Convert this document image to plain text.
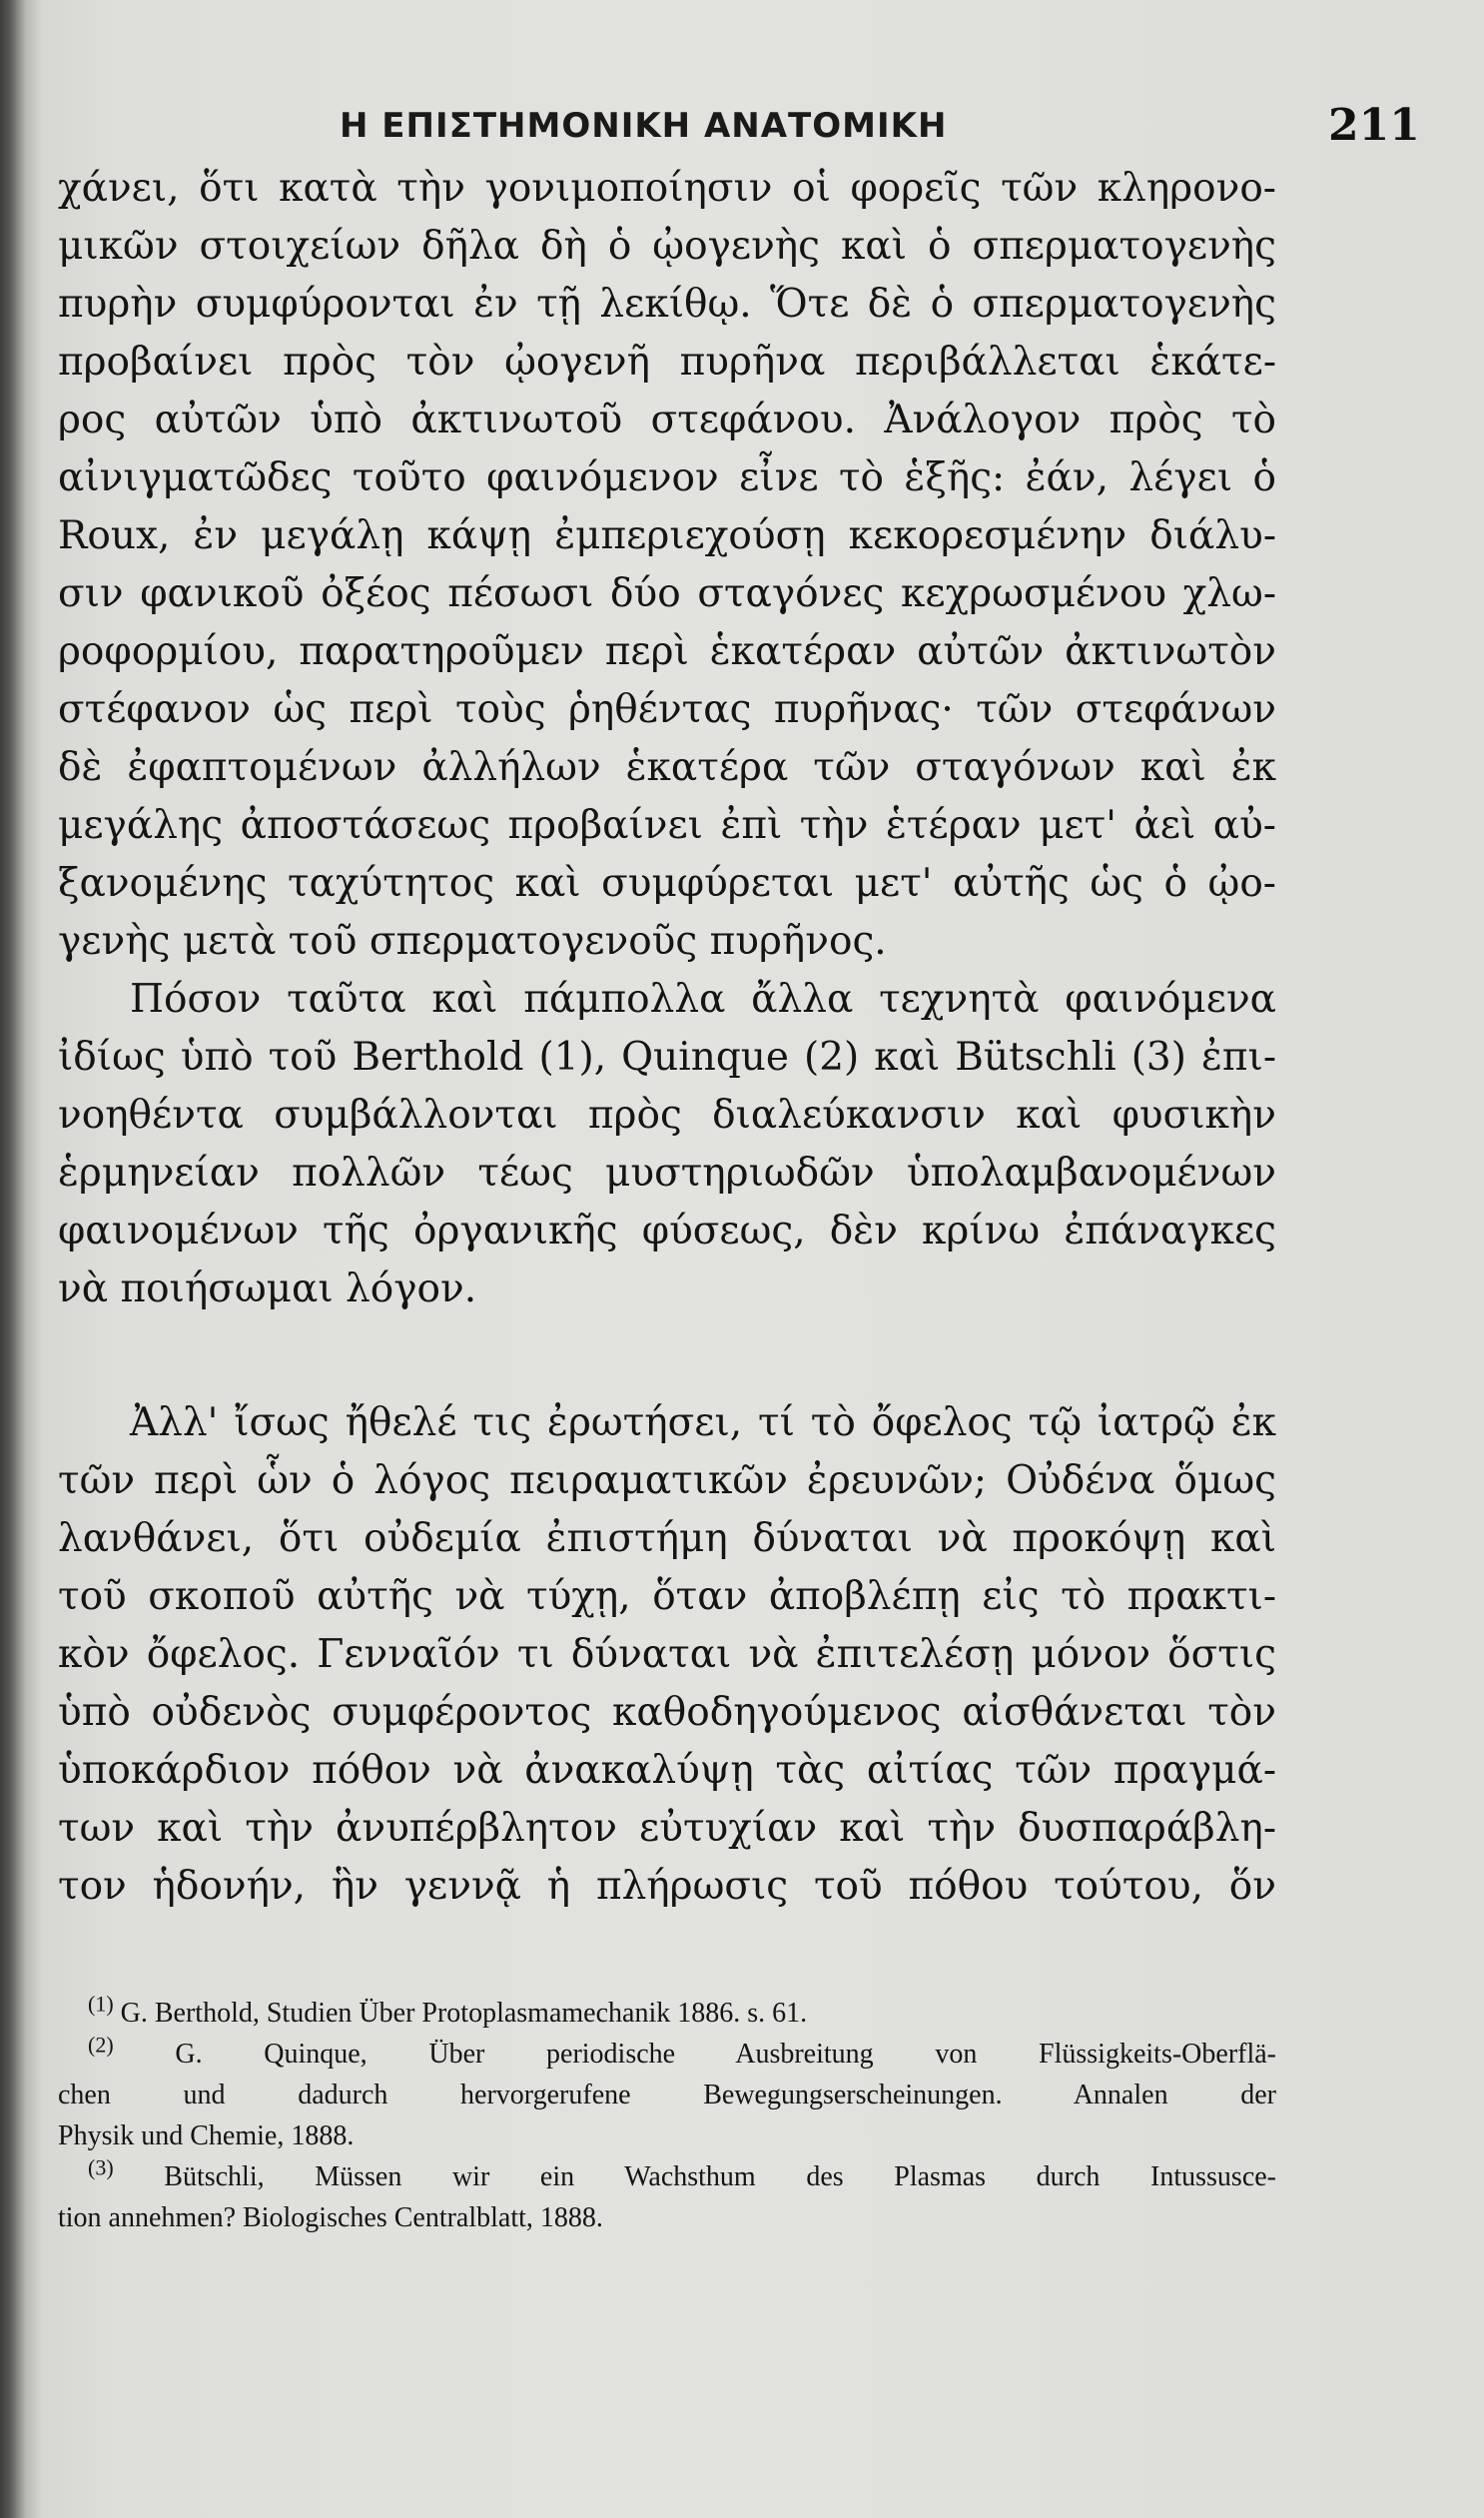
Η ΕΠΙΣΤΗΜΟΝΙΚΗ ΑΝΑΤΟΜΙΚΗ	211
χάνει, ὅτι κατὰ τὴν γονιμοποίησιν οἱ φορεῖς τῶν κληρονο-
μικῶν στοιχείων δῆλα δὴ ὁ ᾠογενὴς καὶ ὁ σπερματογενὴς
πυρὴν συμφύρονται ἐν τῇ λεκίθῳ. Ὅτε δὲ ὁ σπερματογενὴς
προβαίνει πρὸς τὸν ᾠογενῆ πυρῆνα περιβάλλεται ἑκάτε-
ρος αὐτῶν ὑπὸ ἀκτινωτοῦ στεφάνου. Ἀνάλογον πρὸς τὸ
αἰνιγματῶδες τοῦτο φαινόμενον εἶνε τὸ ἑξῆς: ἐάν, λέγει ὁ
Roux, ἐν μεγάλῃ κάψῃ ἐμπεριεχούσῃ κεκορεσμένην διάλυ-
σιν φανικοῦ ὀξέος πέσωσι δύο σταγόνες κεχρωσμένου χλω-
ροφορμίου, παρατηροῦμεν περὶ ἑκατέραν αὐτῶν ἀκτινωτὸν
στέφανον ὡς περὶ τοὺς ῥηθέντας πυρῆνας· τῶν στεφάνων
δὲ ἐφαπτομένων ἀλλήλων ἑκατέρα τῶν σταγόνων καὶ ἐκ
μεγάλης ἀποστάσεως προβαίνει ἐπὶ τὴν ἑτέραν μετ' ἀεὶ αὐ-
ξανομένης ταχύτητος καὶ συμφύρεται μετ' αὐτῆς ὡς ὁ ᾠο-
γενὴς μετὰ τοῦ σπερματογενοῦς πυρῆνος.
Πόσον ταῦτα καὶ πάμπολλα ἄλλα τεχνητὰ φαινόμενα
ἰδίως ὑπὸ τοῦ Berthold (1), Quinque (2) καὶ Bütschli (3) ἐπι-
νοηθέντα συμβάλλονται πρὸς διαλεύκανσιν καὶ φυσικὴν
ἑρμηνείαν πολλῶν τέως μυστηριωδῶν ὑπολαμβανομένων
φαινομένων τῆς ὀργανικῆς φύσεως, δὲν κρίνω ἐπάναγκες
νὰ ποιήσωμαι λόγον.
Ἀλλ' ἴσως ἤθελέ τις ἐρωτήσει, τί τὸ ὄφελος τῷ ἰατρῷ ἐκ
τῶν περὶ ὧν ὁ λόγος πειραματικῶν ἐρευνῶν; Οὐδένα ὅμως
λανθάνει, ὅτι οὐδεμία ἐπιστήμη δύναται νὰ προκόψῃ καὶ
τοῦ σκοποῦ αὐτῆς νὰ τύχῃ, ὅταν ἀποβλέπῃ εἰς τὸ πρακτι-
κὸν ὄφελος. Γενναῖόν τι δύναται νὰ ἐπιτελέσῃ μόνον ὅστις
ὑπὸ οὐδενὸς συμφέροντος καθοδηγούμενος αἰσθάνεται τὸν
ὑποκάρδιον πόθον νὰ ἀνακαλύψῃ τὰς αἰτίας τῶν πραγμά-
των καὶ τὴν ἀνυπέρβλητον εὐτυχίαν καὶ τὴν δυσπαράβλη-
τον ἡδονήν, ἣν γεννᾷ ἡ πλήρωσις τοῦ πόθου τούτου, ὅν
$^{(1)}$ G. Berthold, Studien Über Protoplasmamechanik 1886. s. 61.
$^{(2)}$ G. Quinque, Über periodische Ausbreitung von Flüssigkeits-Oberflä-
chen und dadurch hervorgerufene Bewegungserscheinungen. Annalen der
Physik und Chemie, 1888.
$^{(3)}$ Bütschli, Müssen wir ein Wachsthum des Plasmas durch Intussusce-
tion annehmen? Biologisches Centralblatt, 1888.
